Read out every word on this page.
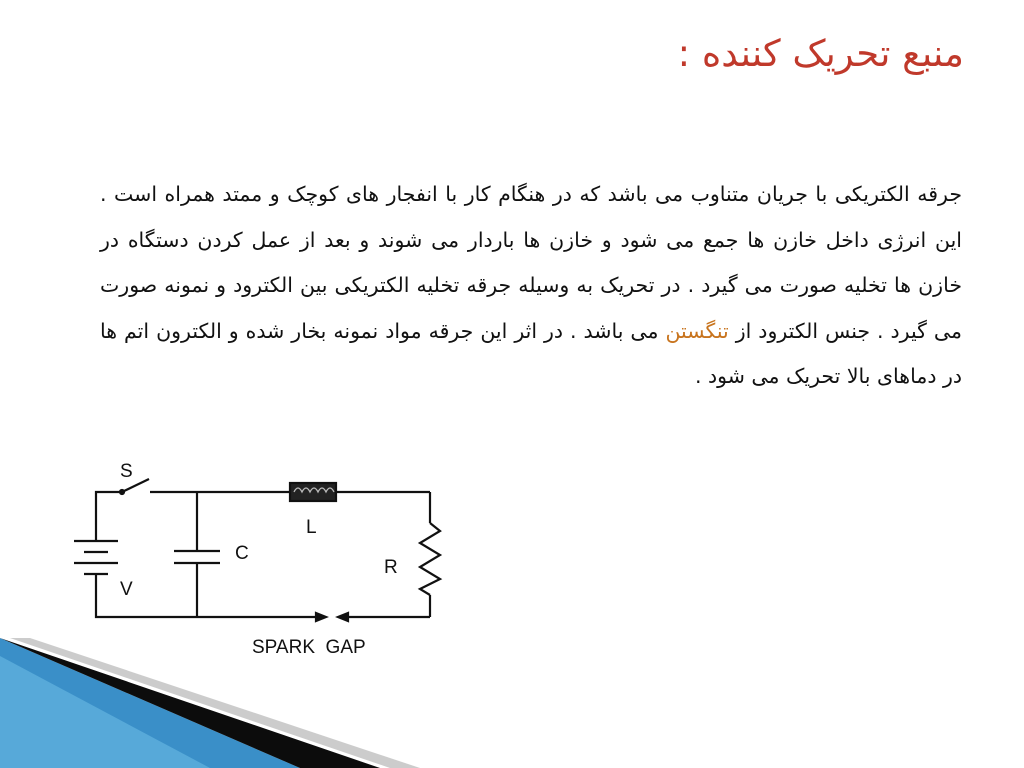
منبع تحریک کننده :
جرقه الکتریکی با جریان متناوب می باشد که در هنگام کار با انفجار های کوچک و ممتد همراه است . این انرژی داخل خازن ها جمع می شود و خازن ها باردار می شوند و بعد از عمل کردن دستگاه در خازن ها تخلیه صورت می گیرد . در تحریک به وسیله جرقه تخلیه الکتریکی بین الکترود و نمونه صورت می گیرد . جنس الکترود از تنگستن می باشد . در اثر این جرقه مواد نمونه بخار شده و الکترون اتم ها در دماهای بالا تحریک می شود .
S
L
V
C
R
SPARK  GAP
